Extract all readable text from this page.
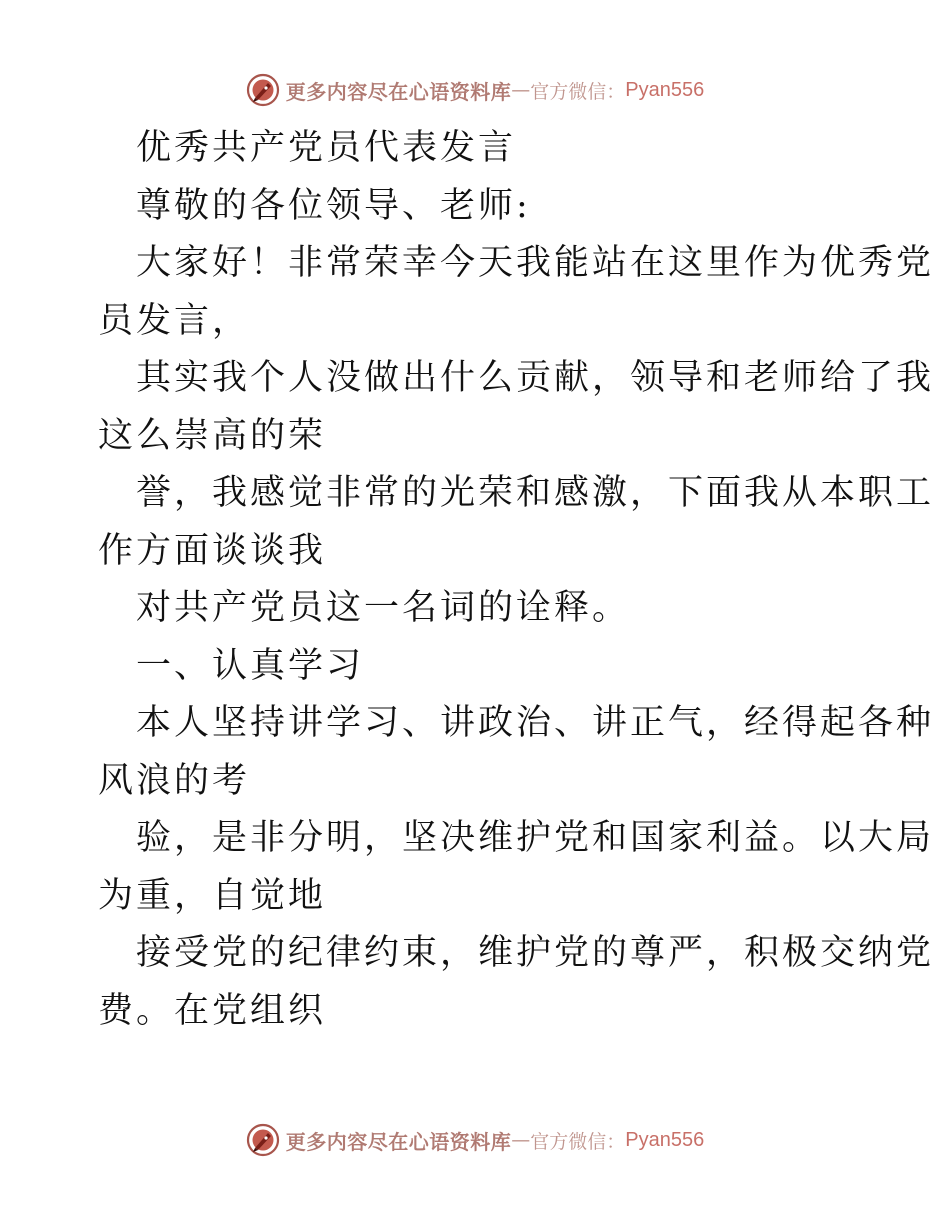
更多内容尽在心语资料库 — 官方微信： Pyan556
优秀共产党员代表发言
尊敬的各位领导、老师:
大家好！非常荣幸今天我能站在这里作为优秀党
员发言，
其实我个人没做出什么贡献，领导和老师给了我
这么崇高的荣
誉，我感觉非常的光荣和感激，下面我从本职工
作方面谈谈我
对共产党员这一名词的诠释。
一、认真学习
本人坚持讲学习、讲政治、讲正气，经得起各种
风浪的考
验，是非分明，坚决维护党和国家利益。以大局
为重，自觉地
接受党的纪律约束，维护党的尊严，积极交纳党
费。在党组织
更多内容尽在心语资料库 — 官方微信： Pyan556
